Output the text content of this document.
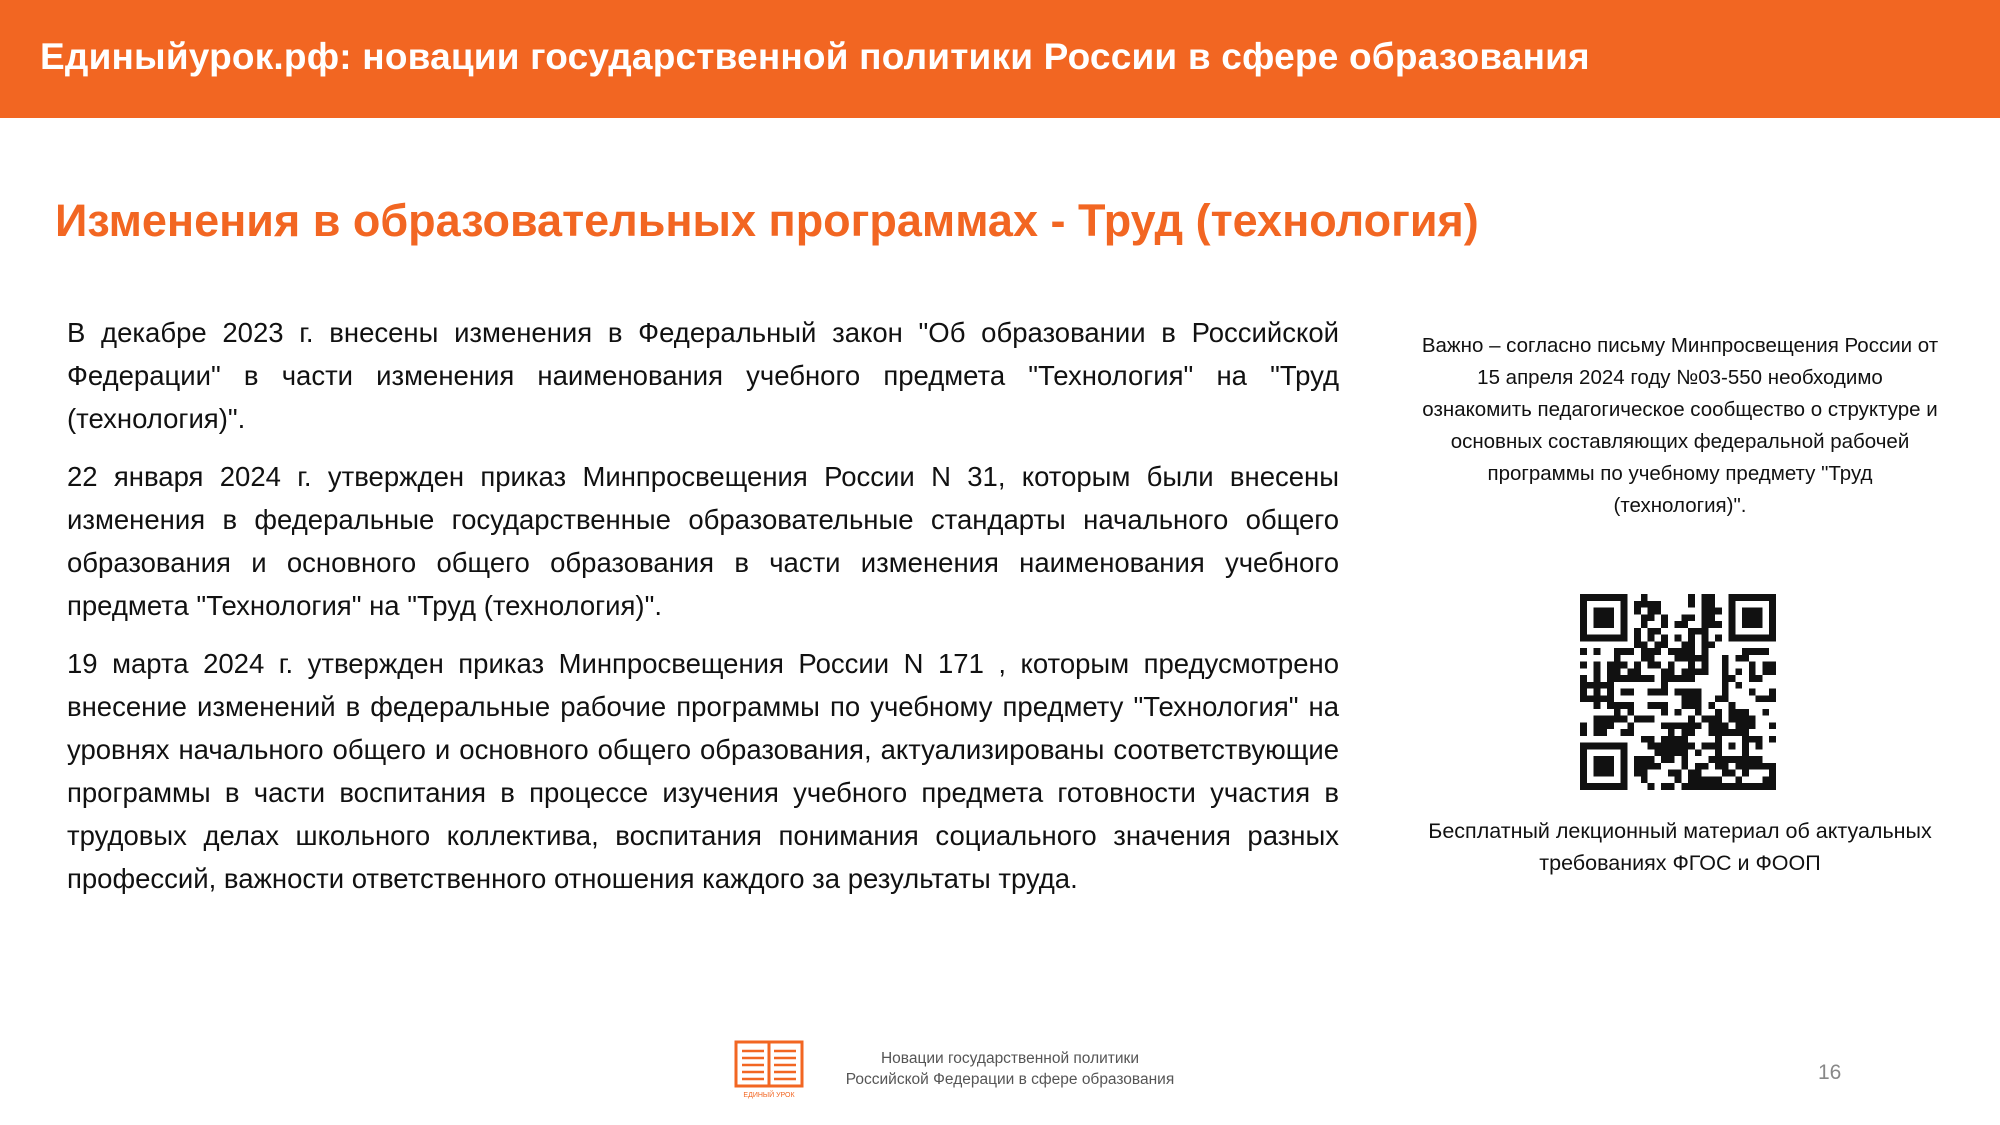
Единыйурок.рф: новации государственной политики России в сфере образования
Изменения в образовательных программах - Труд (технология)

В декабре 2023 г. внесены изменения в Федеральный закон "Об образовании в Российской Федерации" в части изменения наименования учебного предмета "Технология" на "Труд (технология)".

22 января 2024 г. утвержден приказ Минпросвещения России N 31, которым были внесены изменения в федеральные государственные образовательные стандарты начального общего образования и основного общего образования в части изменения наименования учебного предмета "Технология" на "Труд (технология)".

19 марта 2024 г. утвержден приказ Минпросвещения России N 171 , которым предусмотрено внесение изменений в федеральные рабочие программы по учебному предмету "Технология" на уровнях начального общего и основного общего образования, актуализированы соответствующие программы в части воспитания в процессе изучения учебного предмета готовности участия в трудовых делах школьного коллектива, воспитания понимания социального значения разных профессий, важности ответственного отношения каждого за результаты труда.

Важно – согласно письму Минпросвещения России от 15 апреля 2024 году №03-550 необходимо ознакомить педагогическое сообщество о структуре и основных составляющих федеральной рабочей программы по учебному предмету "Труд (технология)".
Бесплатный лекционный материал об актуальных требованиях ФГОС и ФООП
ЕДИНЫЙ УРОК
Новации государственной политики
Российской Федерации в сфере образования	16
